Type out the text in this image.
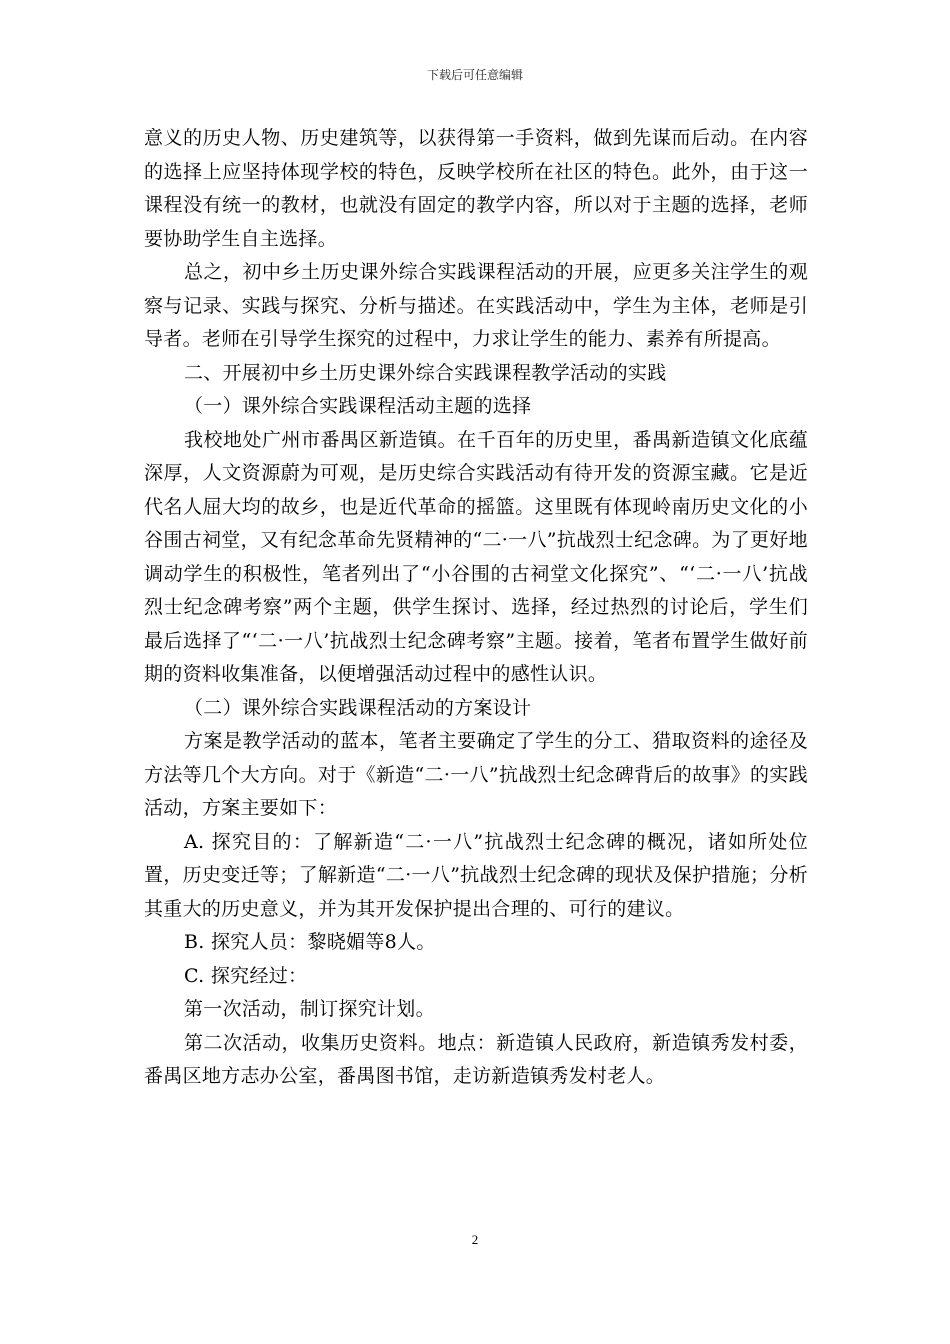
下载后可任意编辑

意义的历史人物、历史建筑等，以获得第一手资料，做到先谋而后动。在内容的选择上应坚持体现学校的特色，反映学校所在社区的特色。此外，由于这一课程没有统一的教材，也就没有固定的教学内容，所以对于主题的选择，老师要协助学生自主选择。

总之，初中乡土历史课外综合实践课程活动的开展，应更多关注学生的观察与记录、实践与探究、分析与描述。在实践活动中，学生为主体，老师是引导者。老师在引导学生探究的过程中，力求让学生的能力、素养有所提高。

二、开展初中乡土历史课外综合实践课程教学活动的实践

（一）课外综合实践课程活动主题的选择

我校地处广州市番禺区新造镇。在千百年的历史里，番禺新造镇文化底蕴深厚，人文资源蔚为可观，是历史综合实践活动有待开发的资源宝藏。它是近代名人屈大均的故乡，也是近代革命的摇篮。这里既有体现岭南历史文化的小谷围古祠堂，又有纪念革命先贤精神的“二·一八”抗战烈士纪念碑。为了更好地调动学生的积极性，笔者列出了“小谷围的古祠堂文化探究”、“‘二·一八’抗战烈士纪念碑考察”两个主题，供学生探讨、选择，经过热烈的讨论后，学生们最后选择了“‘二·一八’抗战烈士纪念碑考察”主题。接着，笔者布置学生做好前期的资料收集准备，以便增强活动过程中的感性认识。

（二）课外综合实践课程活动的方案设计

方案是教学活动的蓝本，笔者主要确定了学生的分工、猎取资料的途径及方法等几个大方向。对于《新造“二·一八”抗战烈士纪念碑背后的故事》的实践活动，方案主要如下：

A. 探究目的：了解新造“二·一八”抗战烈士纪念碑的概况，诸如所处位置，历史变迁等；了解新造“二·一八”抗战烈士纪念碑的现状及保护措施；分析其重大的历史意义，并为其开发保护提出合理的、可行的建议。

B. 探究人员：黎晓媚等8人。

C. 探究经过：

第一次活动，制订探究计划。

第二次活动，收集历史资料。地点：新造镇人民政府，新造镇秀发村委，番禺区地方志办公室，番禺图书馆，走访新造镇秀发村老人。

2
